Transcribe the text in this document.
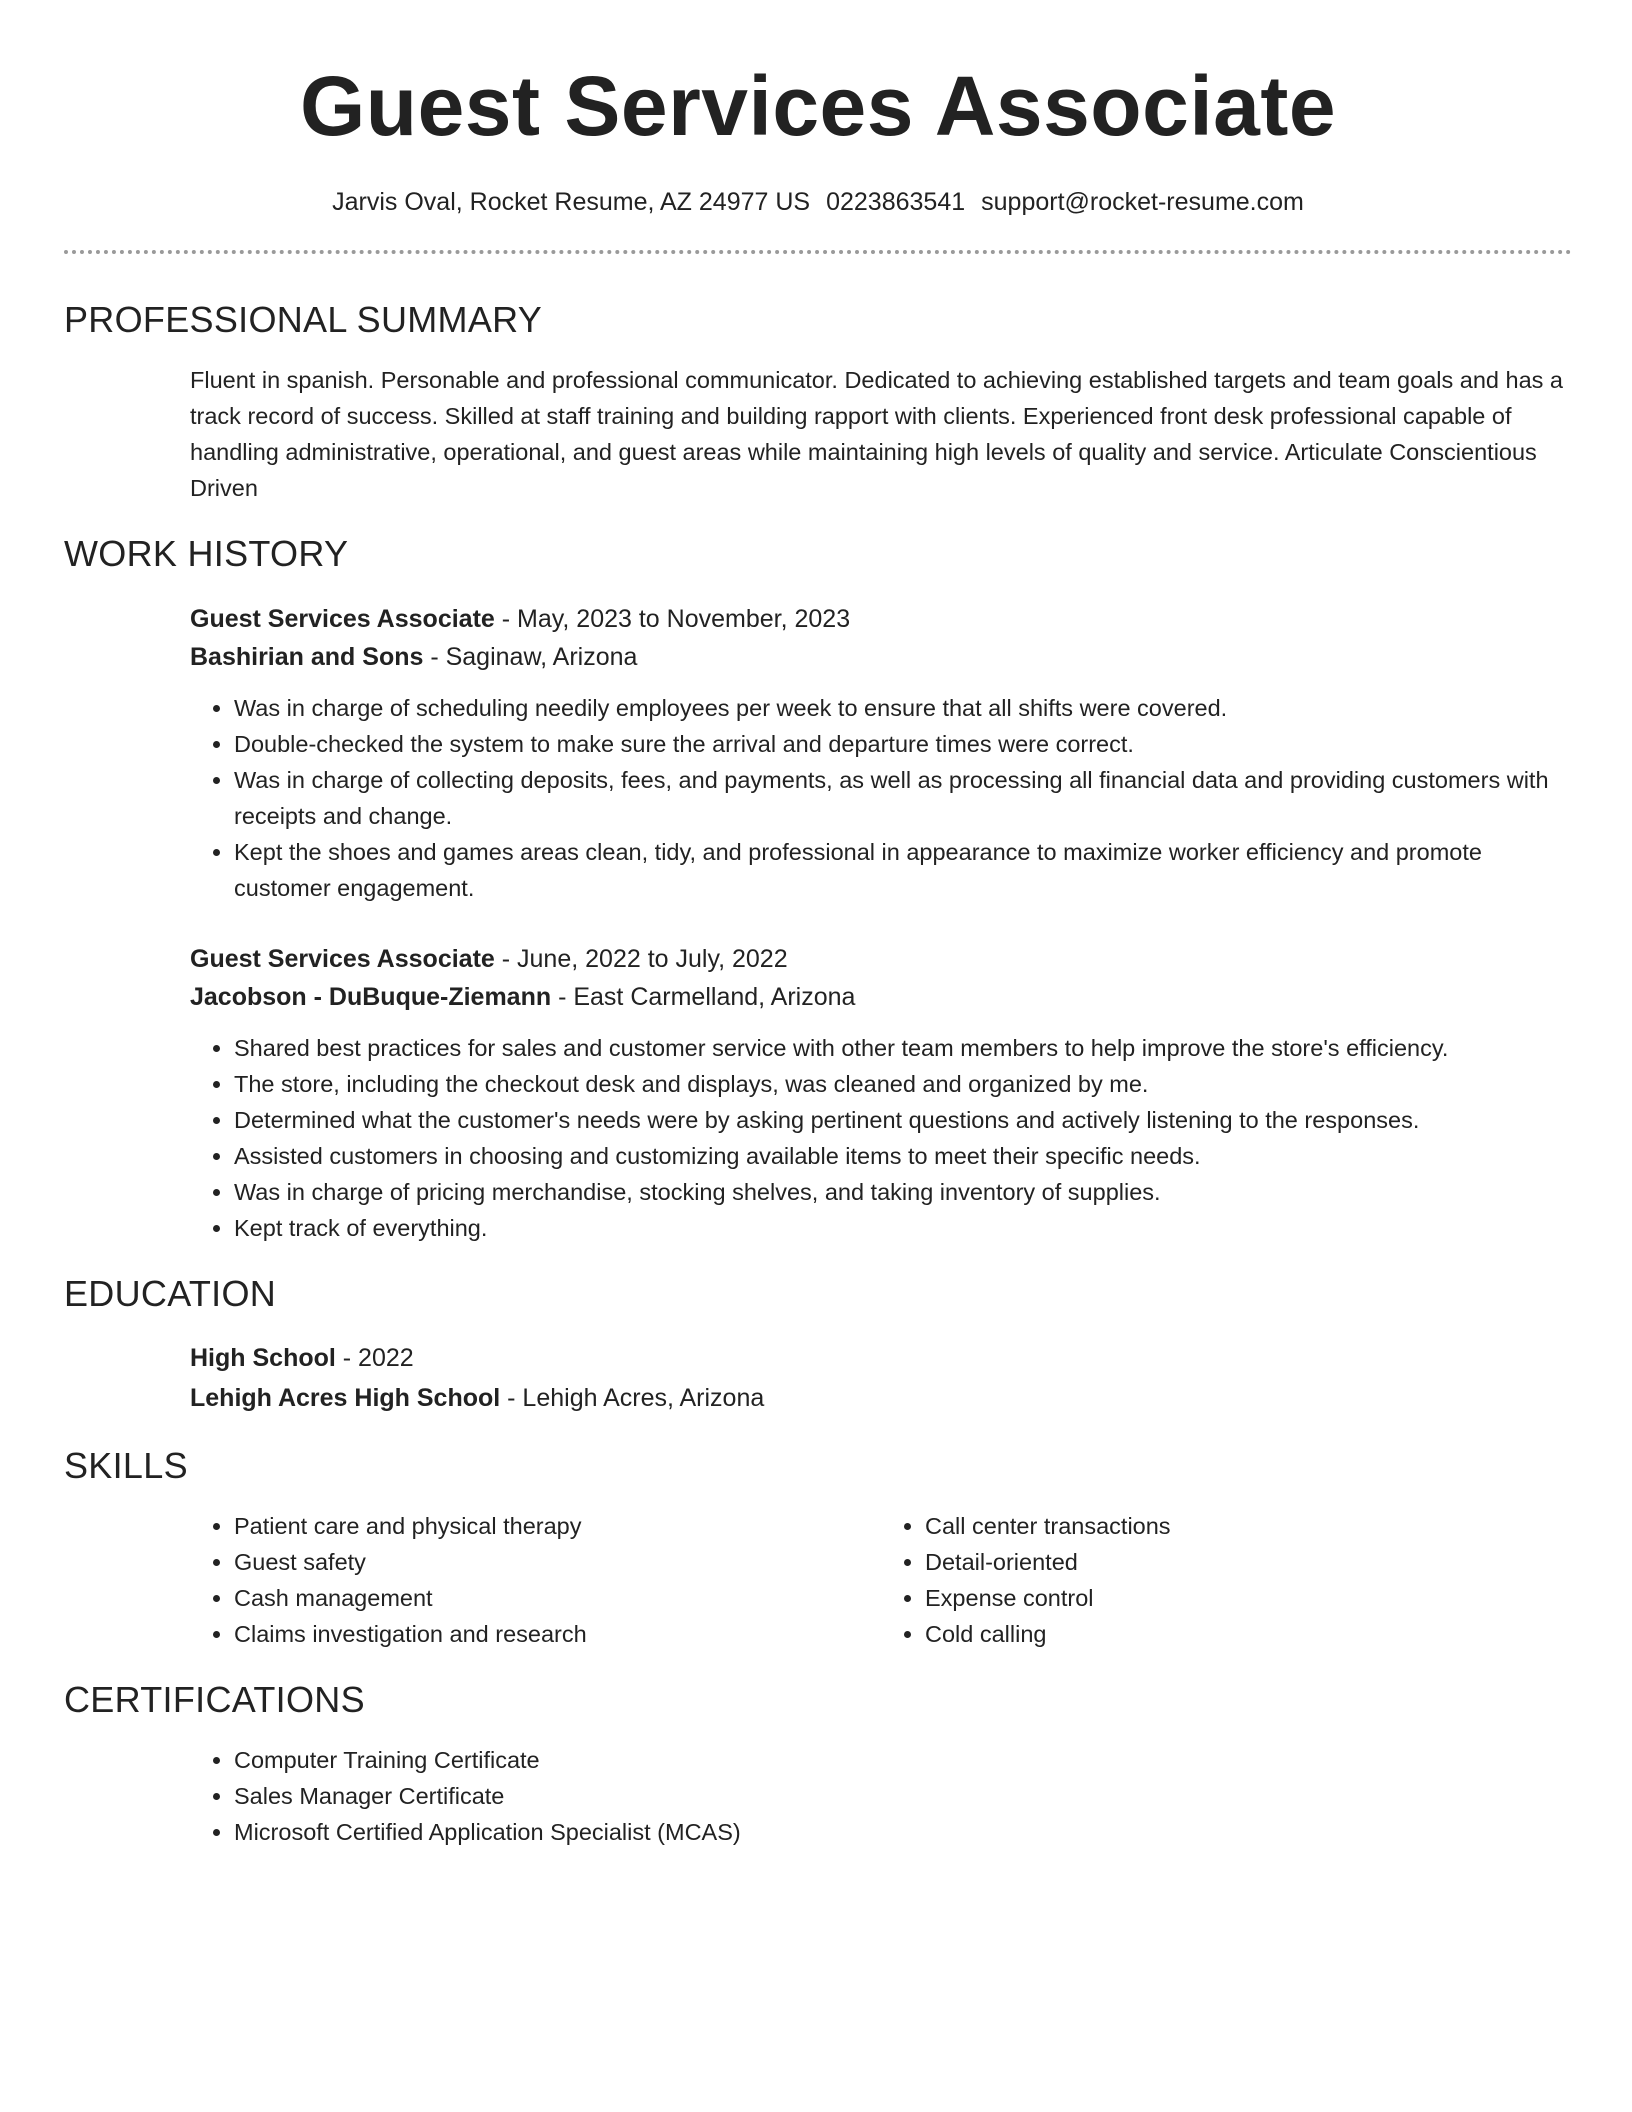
Guest Services Associate
Jarvis Oval, Rocket Resume, AZ 24977 US 0223863541 support@rocket-resume.com
PROFESSIONAL SUMMARY

Fluent in spanish. Personable and professional communicator. Dedicated to achieving established targets and team goals and has a track record of success. Skilled at staff training and building rapport with clients. Experienced front desk professional capable of handling administrative, operational, and guest areas while maintaining high levels of quality and service. Articulate Conscientious Driven

WORK HISTORY

Guest Services Associate - May, 2023 to November, 2023

Bashirian and Sons - Saginaw, Arizona

• Was in charge of scheduling needily employees per week to ensure that all shifts were covered.
• Double-checked the system to make sure the arrival and departure times were correct.
• Was in charge of collecting deposits, fees, and payments, as well as processing all financial data and providing customers with receipts and change.
• Kept the shoes and games areas clean, tidy, and professional in appearance to maximize worker efficiency and promote customer engagement.

Guest Services Associate - June, 2022 to July, 2022

Jacobson - DuBuque-Ziemann - East Carmelland, Arizona

• Shared best practices for sales and customer service with other team members to help improve the store's efficiency.
• The store, including the checkout desk and displays, was cleaned and organized by me.
• Determined what the customer's needs were by asking pertinent questions and actively listening to the responses.
• Assisted customers in choosing and customizing available items to meet their specific needs.
• Was in charge of pricing merchandise, stocking shelves, and taking inventory of supplies.
• Kept track of everything.
EDUCATION

High School - 2022

Lehigh Acres High School - Lehigh Acres, Arizona

SKILLS
• Patient care and physical therapy
• Guest safety
• Cash management
• Claims investigation and research
• Call center transactions
• Detail-oriented
• Expense control
• Cold calling
CERTIFICATIONS
• Computer Training Certificate
• Sales Manager Certificate
• Microsoft Certified Application Specialist (MCAS)
